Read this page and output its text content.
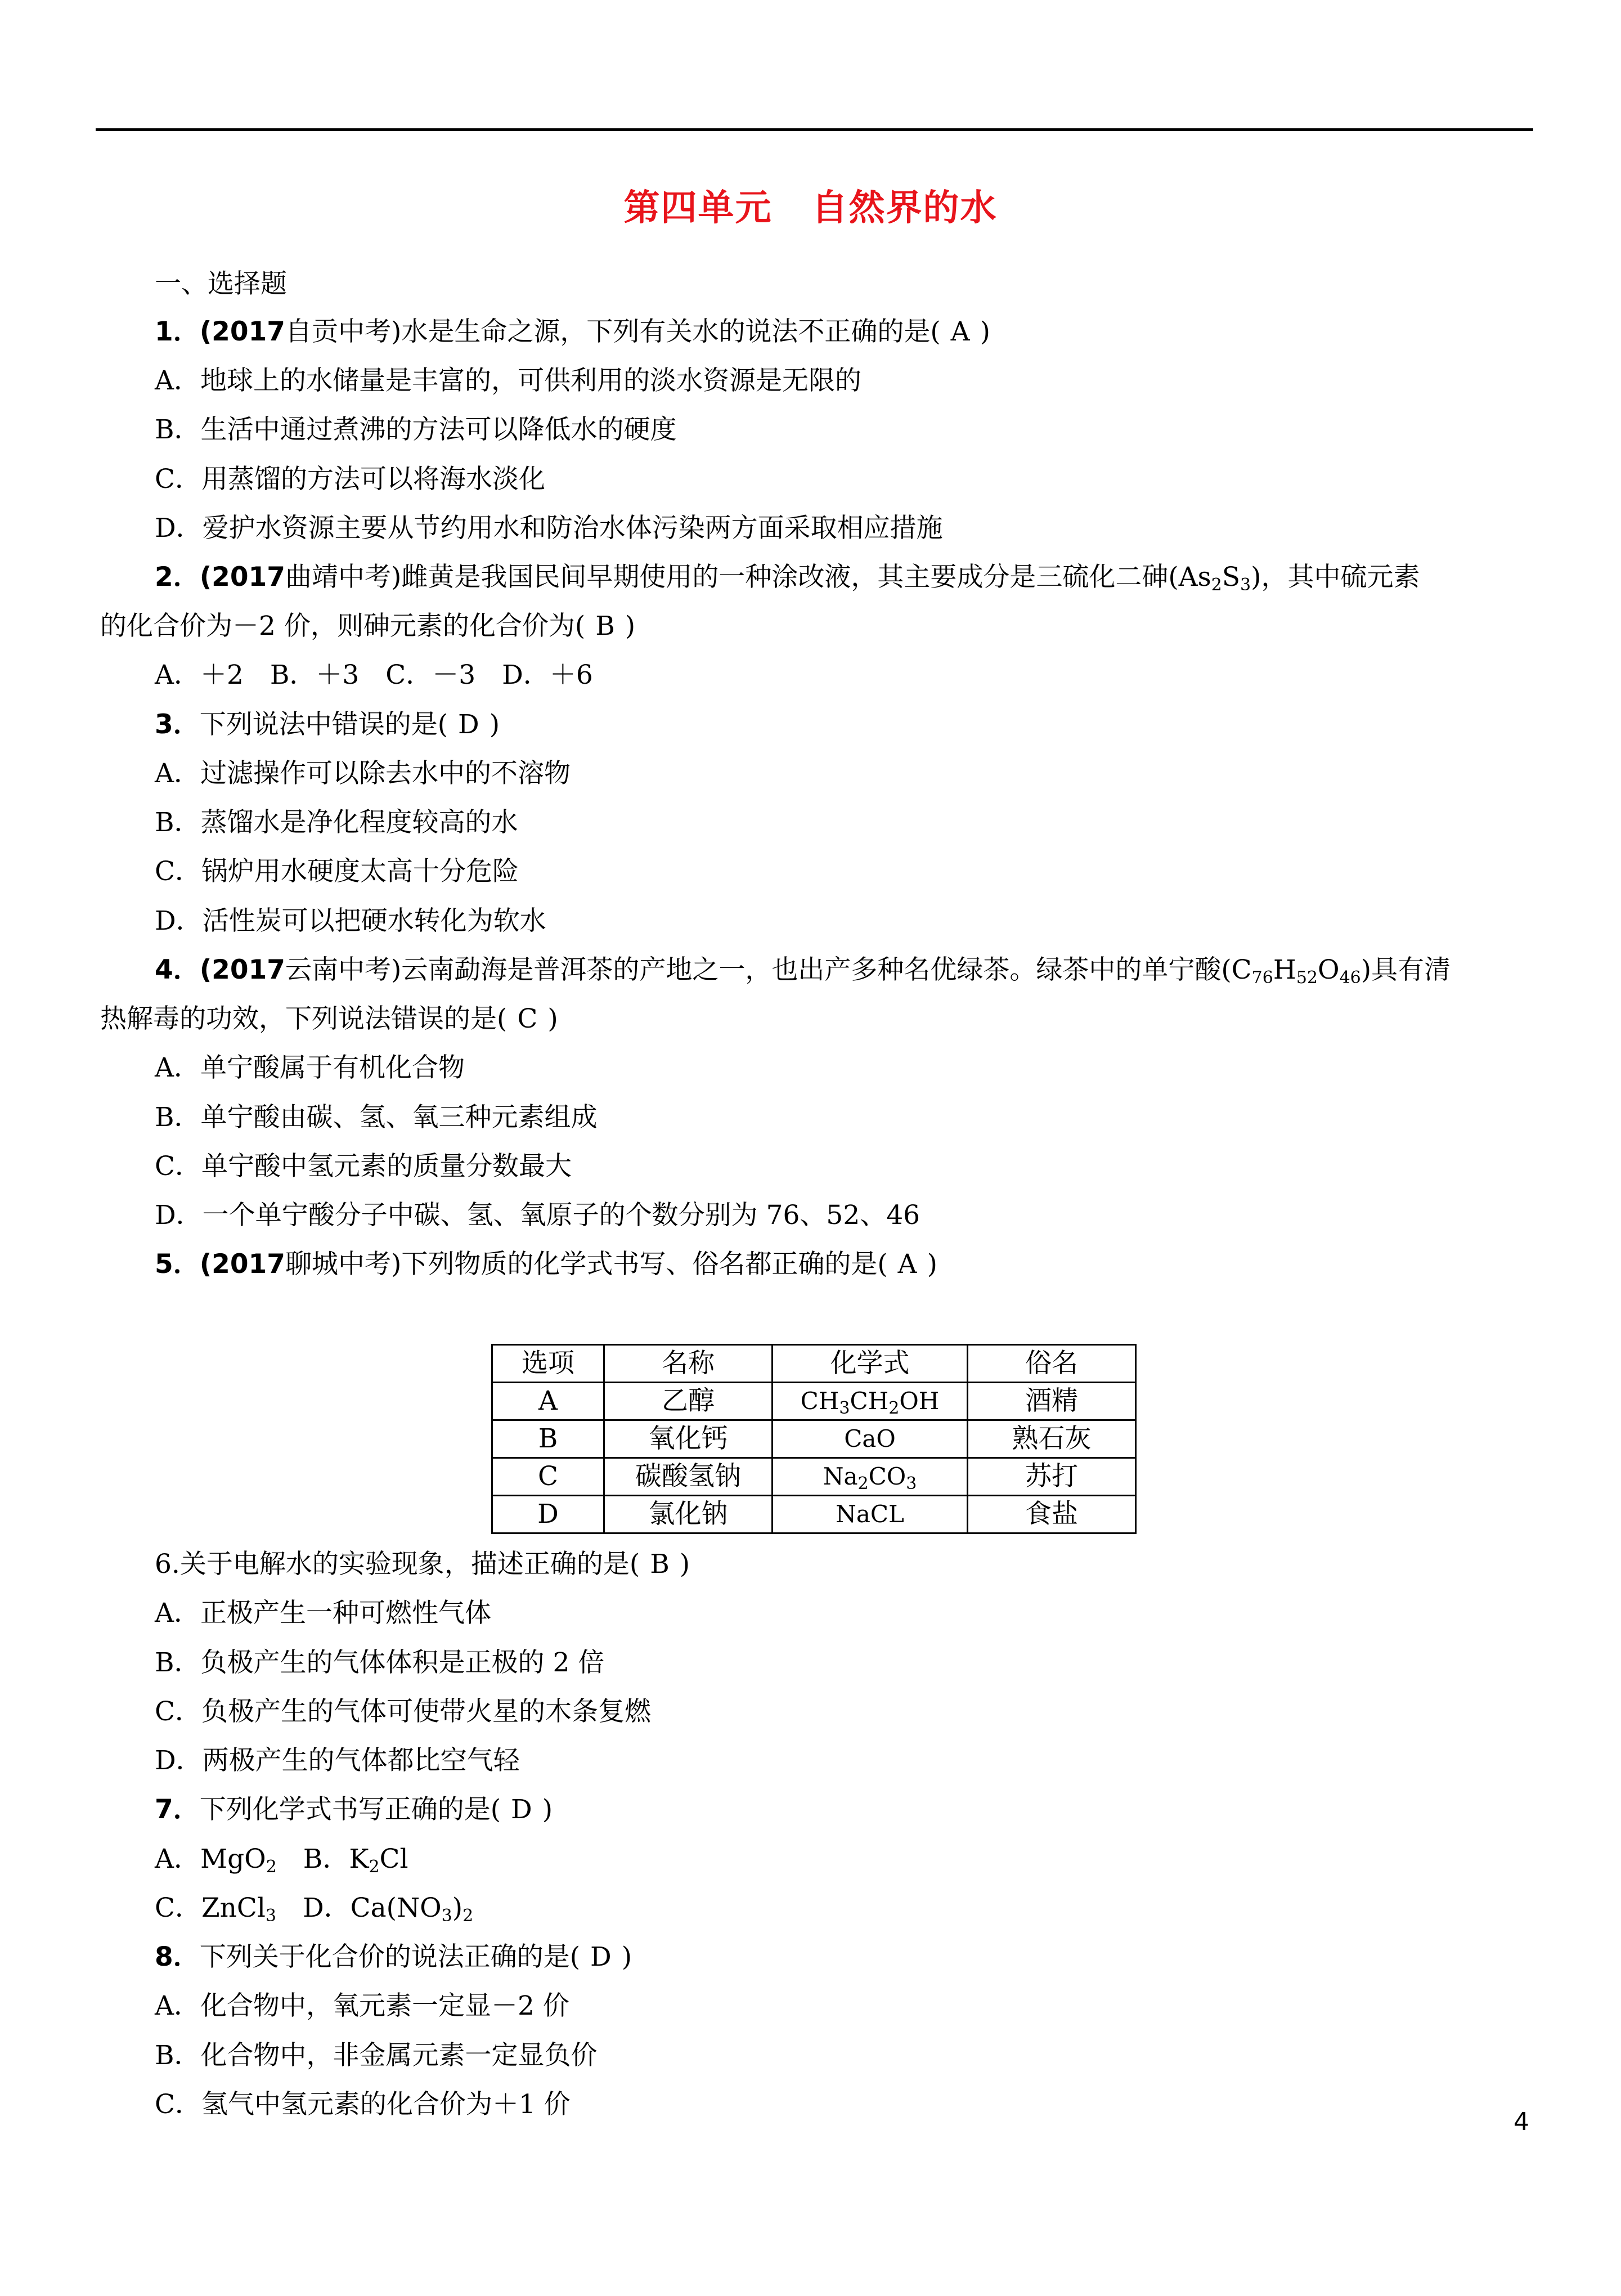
第四单元 自然界的水
一、选择题
1．(2017自贡中考)水是生命之源，下列有关水的说法不正确的是( A )
A．地球上的水储量是丰富的，可供利用的淡水资源是无限的
B．生活中通过煮沸的方法可以降低水的硬度
C．用蒸馏的方法可以将海水淡化
D．爱护水资源主要从节约用水和防治水体污染两方面采取相应措施
2．(2017曲靖中考)雌黄是我国民间早期使用的一种涂改液，其主要成分是三硫化二砷$(As_2S_3)$，其中硫元素
的化合价为－2 价，则砷元素的化合价为( B )
A．＋2　B．＋3　C．－3　D．＋6
3．下列说法中错误的是( D )
A．过滤操作可以除去水中的不溶物
B．蒸馏水是净化程度较高的水
C．锅炉用水硬度太高十分危险
D．活性炭可以把硬水转化为软水
4．(2017云南中考)云南勐海是普洱茶的产地之一，也出产多种名优绿茶。绿茶中的单宁酸$(C_{76}H_{52}O_{46})$具有清
热解毒的功效，下列说法错误的是( C )
A．单宁酸属于有机化合物
B．单宁酸由碳、氢、氧三种元素组成
C．单宁酸中氢元素的质量分数最大
D．一个单宁酸分子中碳、氢、氧原子的个数分别为 76、52、46
5．(2017聊城中考)下列物质的化学式书写、俗名都正确的是( A )
选项	名称	化学式	俗名
A	乙醇	$CH_3CH_2OH$	酒精
B	氧化钙	CaO	熟石灰
C	碳酸氢钠	$Na_2CO_3$	苏打
D	氯化钠	NaCL	食盐
6.关于电解水的实验现象，描述正确的是( B )
A．正极产生一种可燃性气体
B．负极产生的气体体积是正极的 2 倍
C．负极产生的气体可使带火星的木条复燃
D．两极产生的气体都比空气轻
7．下列化学式书写正确的是( D )
A．MgO$_2$　B．$K_2Cl$
C．ZnCl$_3$　D．$Ca(NO_3)_2$
8．下列关于化合价的说法正确的是( D )
A．化合物中，氧元素一定显－2 价
B．化合物中，非金属元素一定显负价
C．氢气中氢元素的化合价为＋1 价
4
